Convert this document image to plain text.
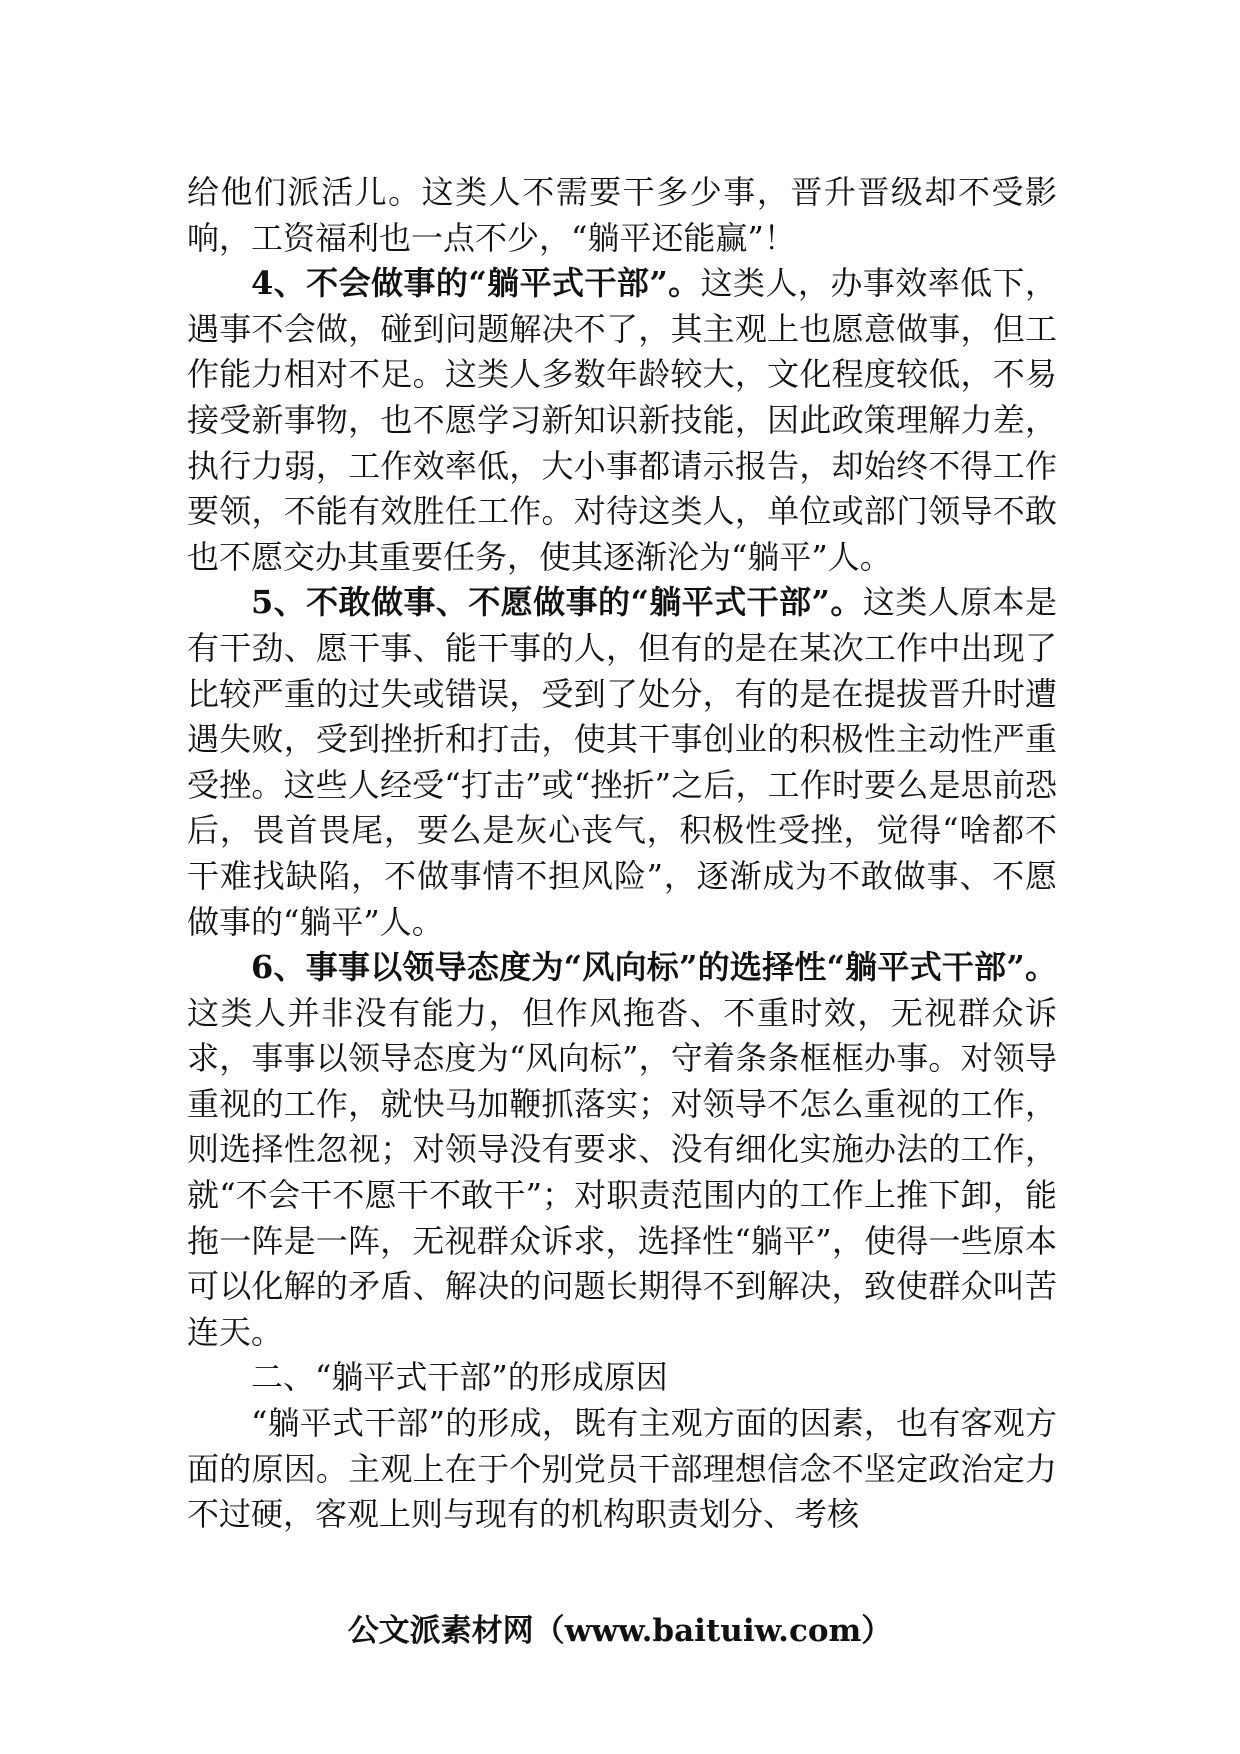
给他们派活儿。这类人不需要干多少事，晋升晋级却不受影响，工资福利也一点不少，“躺平还能赢”！

4、不会做事的“躺平式干部”。这类人，办事效率低下，遇事不会做，碰到问题解决不了，其主观上也愿意做事，但工作能力相对不足。这类人多数年龄较大，文化程度较低，不易接受新事物，也不愿学习新知识新技能，因此政策理解力差，执行力弱，工作效率低，大小事都请示报告，却始终不得工作要领，不能有效胜任工作。对待这类人，单位或部门领导不敢也不愿交办其重要任务，使其逐渐沦为“躺平”人。

5、不敢做事、不愿做事的“躺平式干部”。这类人原本是有干劲、愿干事、能干事的人，但有的是在某次工作中出现了比较严重的过失或错误，受到了处分，有的是在提拔晋升时遭遇失败，受到挫折和打击，使其干事创业的积极性主动性严重受挫。这些人经受“打击”或“挫折”之后，工作时要么是思前恐后，畏首畏尾，要么是灰心丧气，积极性受挫，觉得“啥都不干难找缺陷，不做事情不担风险”，逐渐成为不敢做事、不愿做事的“躺平”人。

6、事事以领导态度为“风向标”的选择性“躺平式干部”。这类人并非没有能力，但作风拖沓、不重时效，无视群众诉求，事事以领导态度为“风向标”，守着条条框框办事。对领导重视的工作，就快马加鞭抓落实；对领导不怎么重视的工作，则选择性忽视；对领导没有要求、没有细化实施办法的工作，就“不会干不愿干不敢干”；对职责范围内的工作上推下卸，能拖一阵是一阵，无视群众诉求，选择性“躺平”，使得一些原本可以化解的矛盾、解决的问题长期得不到解决，致使群众叫苦连天。

二、“躺平式干部”的形成原因

“躺平式干部”的形成，既有主观方面的因素，也有客观方面的原因。主观上在于个别党员干部理想信念不坚定政治定力不过硬，客观上则与现有的机构职责划分、考核

公文派素材网（www.baituiw.com）
